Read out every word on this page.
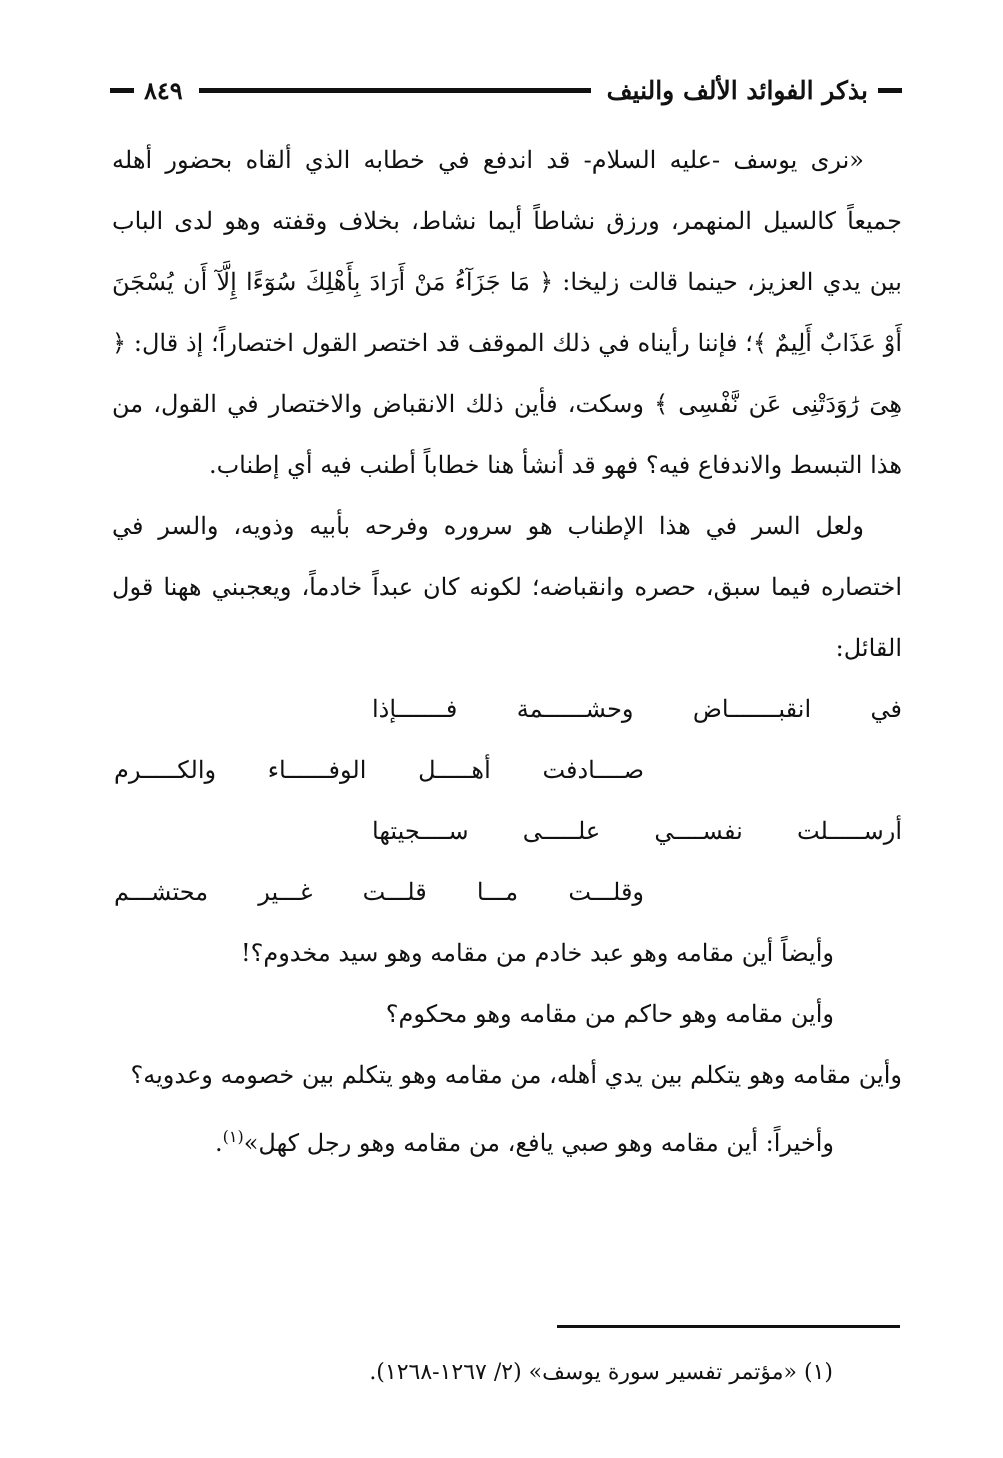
بذكر الفوائد الألف والنيف
٨٤٩

«نرى يوسف -عليه السلام- قد اندفع في خطابه الذي ألقاه بحضور أهله جميعاً كالسيل المنهمر، ورزق نشاطاً أيما نشاط، بخلاف وقفته وهو لدى الباب بين يدي العزيز، حينما قالت زليخا: ﴿ مَا جَزَآءُ مَنْ أَرَادَ بِأَهْلِكَ سُوٓءًا إِلَّآ أَن يُسْجَنَ أَوْ عَذَابٌ أَلِيمٌ ﴾؛ فإننا رأيناه في ذلك الموقف قد اختصر القول اختصاراً؛ إذ قال: ﴿ هِىَ رَٰوَدَتْنِى عَن نَّفْسِى ﴾ وسكت، فأين ذلك الانقباض والاختصار في القول، من هذا التبسط والاندفاع فيه؟ فهو قد أنشأ هنا خطاباً أطنب فيه أي إطناب.

ولعل السر في هذا الإطناب هو سروره وفرحه بأبيه وذويه، والسر في اختصاره فيما سبق، حصره وانقباضه؛ لكونه كان عبداً خادماً، ويعجبني ههنا قول القائل:

في انقبـــــــاض وحشــــــمة فـــــــإذا
صــــادفت أهـــــل الوفــــــاء والكـــــرم
أرســـــلت نفســــي علـــــى ســــجيتها
وقلـــت مـــا قلـــت غـــير محتشـــم

وأيضاً أين مقامه وهو عبد خادم من مقامه وهو سيد مخدوم؟!

وأين مقامه وهو حاكم من مقامه وهو محكوم؟

وأين مقامه وهو يتكلم بين يدي أهله، من مقامه وهو يتكلم بين خصومه وعدويه؟

وأخيراً: أين مقامه وهو صبي يافع، من مقامه وهو رجل كهل»$^{(١)}$.

(١) «مؤتمر تفسير سورة يوسف» (٢/ ١٢٦٧-١٢٦٨).
